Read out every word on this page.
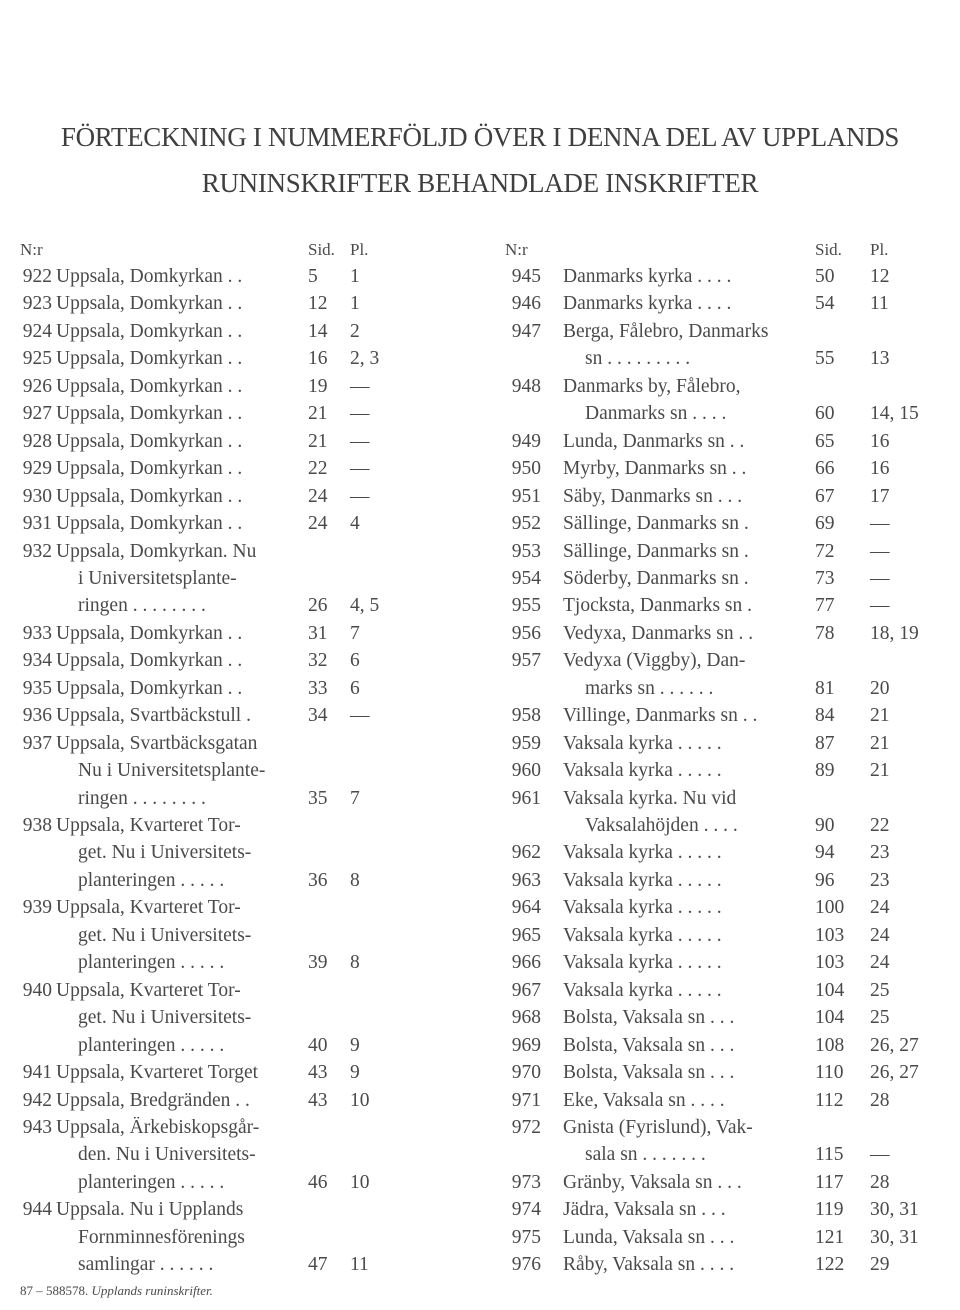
FÖRTECKNING I NUMMERFÖLJD ÖVER I DENNA DEL AV UPPLANDS
RUNINSKRIFTER BEHANDLADE INSKRIFTER
N:r	Sid. Pl.
922 Uppsala, Domkyrkan . .	5	1
923 Uppsala, Domkyrkan . .	12	1
924 Uppsala, Domkyrkan . .	14	2
925 Uppsala, Domkyrkan . .	16	2, 3
926 Uppsala, Domkyrkan . .	19	—
927 Uppsala, Domkyrkan . .	21	—
928 Uppsala, Domkyrkan . .	21	—
929 Uppsala, Domkyrkan . .	22	—
930 Uppsala, Domkyrkan . .	24	—
931 Uppsala, Domkyrkan . .	24	4
932 Uppsala, Domkyrkan. Nu
i Universitetsplante-
ringen . . . . . . . .	26	4, 5
933 Uppsala, Domkyrkan . .	31	7
934 Uppsala, Domkyrkan . .	32	6
935 Uppsala, Domkyrkan . .	33	6
936 Uppsala, Svartbäckstull .	34	—
937 Uppsala, Svartbäcksgatan
Nu i Universitetsplante-
ringen . . . . . . . .	35	7
938 Uppsala, Kvarteret Tor-
get. Nu i Universitets-
planteringen . . . . .	36	8
939 Uppsala, Kvarteret Tor-
get. Nu i Universitets-
planteringen . . . . .	39	8
940 Uppsala, Kvarteret Tor-
get. Nu i Universitets-
planteringen . . . . .	40	9
941 Uppsala, Kvarteret Torget	43	9
942 Uppsala, Bredgränden . .	43	10
943 Uppsala, Ärkebiskopsgår-
den. Nu i Universitets-
planteringen . . . . .	46	10
944 Uppsala. Nu i Upplands
Fornminnesförenings
samlingar . . . . . .	47	11
N:r	Sid.	Pl.
945 Danmarks kyrka . . . .	50	12
946 Danmarks kyrka . . . .	54	11
947 Berga, Fålebro, Danmarks
sn . . . . . . . . .	55	13
948 Danmarks by, Fålebro,
Danmarks sn . . . .	60	14, 15
949 Lunda, Danmarks sn . .	65	16
950 Myrby, Danmarks sn . .	66	16
951 Säby, Danmarks sn . . .	67	17
952 Sällinge, Danmarks sn .	69	—
953 Sällinge, Danmarks sn .	72	—
954 Söderby, Danmarks sn .	73	—
955 Tjocksta, Danmarks sn .	77	—
956 Vedyxa, Danmarks sn . .	78	18, 19
957 Vedyxa (Viggby), Dan-
marks sn . . . . . .	81	20
958 Villinge, Danmarks sn . .	84	21
959 Vaksala kyrka . . . . .	87	21
960 Vaksala kyrka . . . . .	89	21
961 Vaksala kyrka. Nu vid
Vaksalahöjden . . . .	90	22
962 Vaksala kyrka . . . . .	94	23
963 Vaksala kyrka . . . . .	96	23
964 Vaksala kyrka . . . . .	100	24
965 Vaksala kyrka . . . . .	103	24
966 Vaksala kyrka . . . . .	103	24
967 Vaksala kyrka . . . . .	104	25
968 Bolsta, Vaksala sn . . .	104	25
969 Bolsta, Vaksala sn . . .	108	26, 27
970 Bolsta, Vaksala sn . . .	110	26, 27
971 Eke, Vaksala sn . . . .	112	28
972 Gnista (Fyrislund), Vak-
sala sn . . . . . . .	115	—
973 Gränby, Vaksala sn . . .	117	28
974 Jädra, Vaksala sn . . .	119	30, 31
975 Lunda, Vaksala sn . . .	121	30, 31
976 Råby, Vaksala sn . . . .	122	29
87 – 588578. Upplands runinskrifter.
